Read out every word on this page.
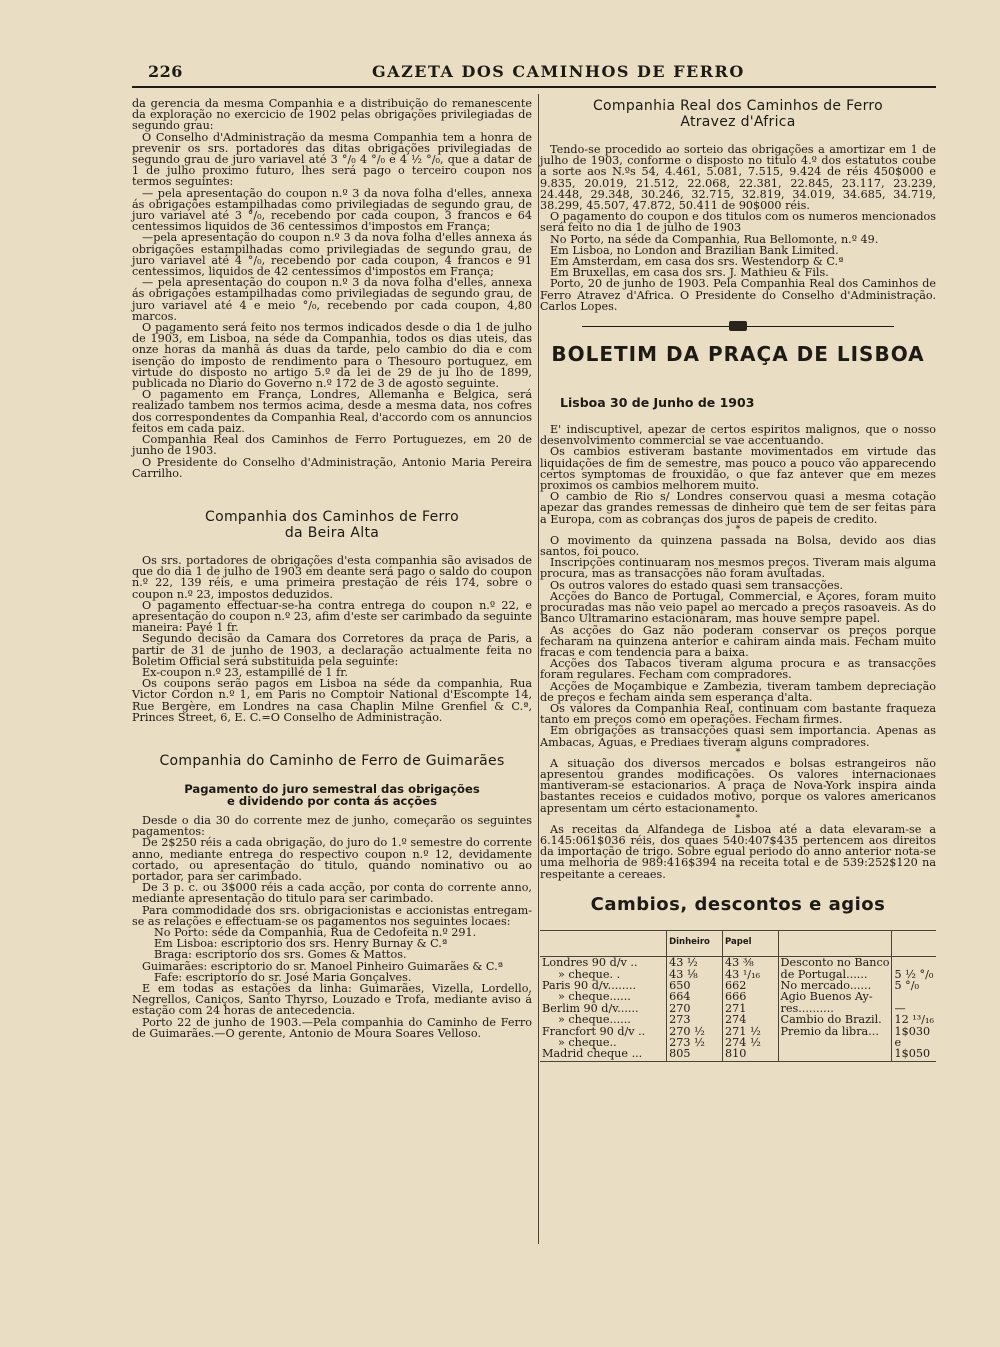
226	GAZETA DOS CAMINHOS DE FERRO

da gerencia da mesma Companhia e a distribuição do remanescente da exploração no exercicio de 1902 pelas obrigações privilegiadas de segundo grau:

O Conselho d'Administração da mesma Companhia tem a honra de prevenir os srs. portadores das ditas obrigações privilegiadas de segundo grau de juro variavel até 3 °/₀ 4 °/₀ e 4 ½ °/₀, que a datar de 1 de julho proximo futuro, lhes será pago o terceiro coupon nos termos seguintes:

— pela apresentação do coupon n.º 3 da nova folha d'elles, annexa ás obrigações estampilhadas como privilegiadas de segundo grau, de juro variavel até 3 °/₀, recebendo por cada coupon, 3 francos e 64 centessimos liquidos de 36 centessimos d'impostos em França;

—pela apresentação do coupon n.º 3 da nova folha d'elles annexa ás obrigações estampilhadas como privilegiadas de segundo grau, de juro variavel até 4 °/₀, recebendo por cada coupon, 4 francos e 91 centessimos, liquidos de 42 centessimos d'impostos em França;

— pela apresentação do coupon n.º 3 da nova folha d'elles, annexa ás obrigações estampilhadas como privilegiadas de segundo grau, de juro variavel até 4 e meio °/₀, recebendo por cada coupon, 4,80 marcos.

O pagamento será feito nos termos indicados desde o dia 1 de julho de 1903, em Lisboa, na séde da Companhia, todos os dias uteis, das onze horas da manhã ás duas da tarde, pelo cambio do dia e com isenção do imposto de rendimento para o Thesouro portuguez, em virtude do disposto no artigo 5.º da lei de 29 de ju lho de 1899, publicada no Diario do Governo n.º 172 de 3 de agosto seguinte.

O pagamento em França, Londres, Allemanha e Belgica, será realizado tambem nos termos acima, desde a mesma data, nos cofres dos correspondentes da Companhia Real, d'accordo com os annuncios feitos em cada paiz.

Companhia Real dos Caminhos de Ferro Portuguezes, em 20 de junho de 1903.

O Presidente do Conselho d'Administração, Antonio Maria Pereira Carrilho.

Companhia dos Caminhos de Ferro
da Beira Alta

Os srs. portadores de obrigações d'esta companhia são avisados de que do dia 1 de julho de 1903 em deante será pago o saldo do coupon n.º 22, 139 réis, e uma primeira prestação de réis 174, sobre o coupon n.º 23, impostos deduzidos.

O pagamento effectuar-se-ha contra entrega do coupon n.º 22, e apresentação do coupon n.º 23, afim d'este ser carimbado da seguinte maneira: Payé 1 fr.

Segundo decisão da Camara dos Corretores da praça de Paris, a partir de 31 de junho de 1903, a declaração actualmente feita no Boletim Official será substituida pela seguinte:

Ex-coupon n.º 23, estampillé de 1 fr.

Os coupons serão pagos em Lisboa na séde da companhia, Rua Victor Cordon n.º 1, em Paris no Comptoir National d'Escompte 14, Rue Bergère, em Londres na casa Chaplin Milne Grenfiel & C.ª, Princes Street, 6, E. C.=O Conselho de Administração.

Companhia do Caminho de Ferro de Guimarães
Pagamento do juro semestral das obrigações
e dividendo por conta ás acções

Desde o dia 30 do corrente mez de junho, começarão os seguintes pagamentos:

De 2$250 réis a cada obrigação, do juro do 1.º semestre do corrente anno, mediante entrega do respectivo coupon n.º 12, devidamente cortado, ou apresentação do titulo, quando nominativo ou ao portador, para ser carimbado.

De 3 p. c. ou 3$000 réis a cada acção, por conta do corrente anno, mediante apresentação do titulo para ser carimbado.

Para commodidade dos srs. obrigacionistas e accionistas entregam-se as relações e effectuam-se os pagamentos nos seguintes locaes:

No Porto: séde da Companhia, Rua de Cedofeita n.º 291.

Em Lisboa: escriptorio dos srs. Henry Burnay & C.ª

Braga: escriptorio dos srs. Gomes & Mattos.

Guimarães: escriptorio do sr. Manoel Pinheiro Guimarães & C.ª

Fafe: escriptorio do sr. José Maria Gonçalves.

E em todas as estações da linha: Guimarães, Vizella, Lordello, Negrellos, Caniços, Santo Thyrso, Louzado e Trofa, mediante aviso á estação com 24 horas de antecedencia.

Porto 22 de junho de 1903.—Pela companhia do Caminho de Ferro de Guimarães.—O gerente, Antonio de Moura Soares Velloso.

Companhia Real dos Caminhos de Ferro
Atravez d'Africa

Tendo-se procedido ao sorteio das obrigações a amortizar em 1 de julho de 1903, conforme o disposto no titulo 4.º dos estatutos coube a sorte aos N.ºs 54, 4.461, 5.081, 7.515, 9.424 de réis 450$000 e 9.835, 20.019, 21.512, 22.068, 22.381, 22.845, 23.117, 23.239, 24.448, 29.348, 30.246, 32.715, 32.819, 34.019, 34.685, 34.719, 38.299, 45.507, 47.872, 50.411 de 90$000 réis.

O pagamento do coupon e dos titulos com os numeros mencionados será feito no dia 1 de julho de 1903

No Porto, na séde da Companhia, Rua Bellomonte, n.º 49.

Em Lisboa, no London and Brazilian Bank Limited.

Em Amsterdam, em casa dos srs. Westendorp & C.ª

Em Bruxellas, em casa dos srs. J. Mathieu & Fils.

Porto, 20 de junho de 1903. Pela Companhia Real dos Caminhos de Ferro Atravez d'Africa. O Presidente do Conselho d'Administração. Carlos Lopes.

BOLETIM DA PRAÇA DE LISBOA
Lisboa 30 de Junho de 1903

E' indiscuptivel, apezar de certos espiritos malignos, que o nosso desenvolvimento commercial se vae accentuando.

Os cambios estiveram bastante movimentados em virtude das liquidações de fim de semestre, mas pouco a pouco vão apparecendo certos symptomas de frouxidão, o que faz antever que em mezes proximos os cambios melhorem muito.

O cambio de Rio s/ Londres conservou quasi a mesma cotação apezar das grandes remessas de dinheiro que tem de ser feitas para a Europa, com as cobranças dos juros de papeis de credito.

*

O movimento da quinzena passada na Bolsa, devido aos dias santos, foi pouco.

Inscripções continuaram nos mesmos preços. Tiveram mais alguma procura, mas as transacções não foram avultadas.

Os outros valores do estado quasi sem transacções.

Acções do Banco de Portugal, Commercial, e Açores, foram muito procuradas mas não veio papel ao mercado a preços rasoaveis. As do Banco Ultramarino estacionaram, mas houve sempre papel.

As acções do Gaz não poderam conservar os preços porque fecharam na quinzena anterior e cahiram ainda mais. Fecham muito fracas e com tendencia para a baixa.

Acções dos Tabacos tiveram alguma procura e as transacções foram regulares. Fecham com compradores.

Acções de Moçambique e Zambezia, tiveram tambem depreciação de preços e fecham ainda sem esperança d'alta.

Os valores da Companhia Real, continuam com bastante fraqueza tanto em preços como em operações. Fecham firmes.

Em obrigações as transacções quasi sem importancia. Apenas as Ambacas, Aguas, e Prediaes tiveram alguns compradores.

*

A situação dos diversos mercados e bolsas estrangeiros não apresentou grandes modificações. Os valores internacionaes mantiveram-se estacionarios. A praça de Nova-York inspira ainda bastantes receios e cuidados motivo, porque os valores americanos apresentam um cérto estacionamento.

*

As receitas da Alfandega de Lisboa até a data elevaram-se a 6.145:061$036 réis, dos quaes 540:407$435 pertencem aos direitos da importação de trigo. Sobre egual periodo do anno anterior nota-se uma melhoria de 989:416$394 na receita total e de 539:252$120 na respeitante a cereaes.

Cambios, descontos e agios
	Dinheiro	Papel		
Londres 90 d/v ..	43 ½	43 ⅜	Desconto no Banco	
» cheque. .	43 ⅛	43 ¹/₁₆	de Portugal......	5 ½ °/₀
Paris 90 d/v........	650	662	No mercado......	5 °/₀
» cheque......	664	666	Agio Buenos Ay-	
Berlim 90 d/v......	270	271	res..........	—
» cheque......	273	274	Cambio do Brazil.	12 ¹³/₁₆
Francfort 90 d/v ..	270 ½	271 ½	Premio da libra...	1$030
» cheque..	273 ½	274 ½		e
Madrid cheque ...	805	810		1$050
